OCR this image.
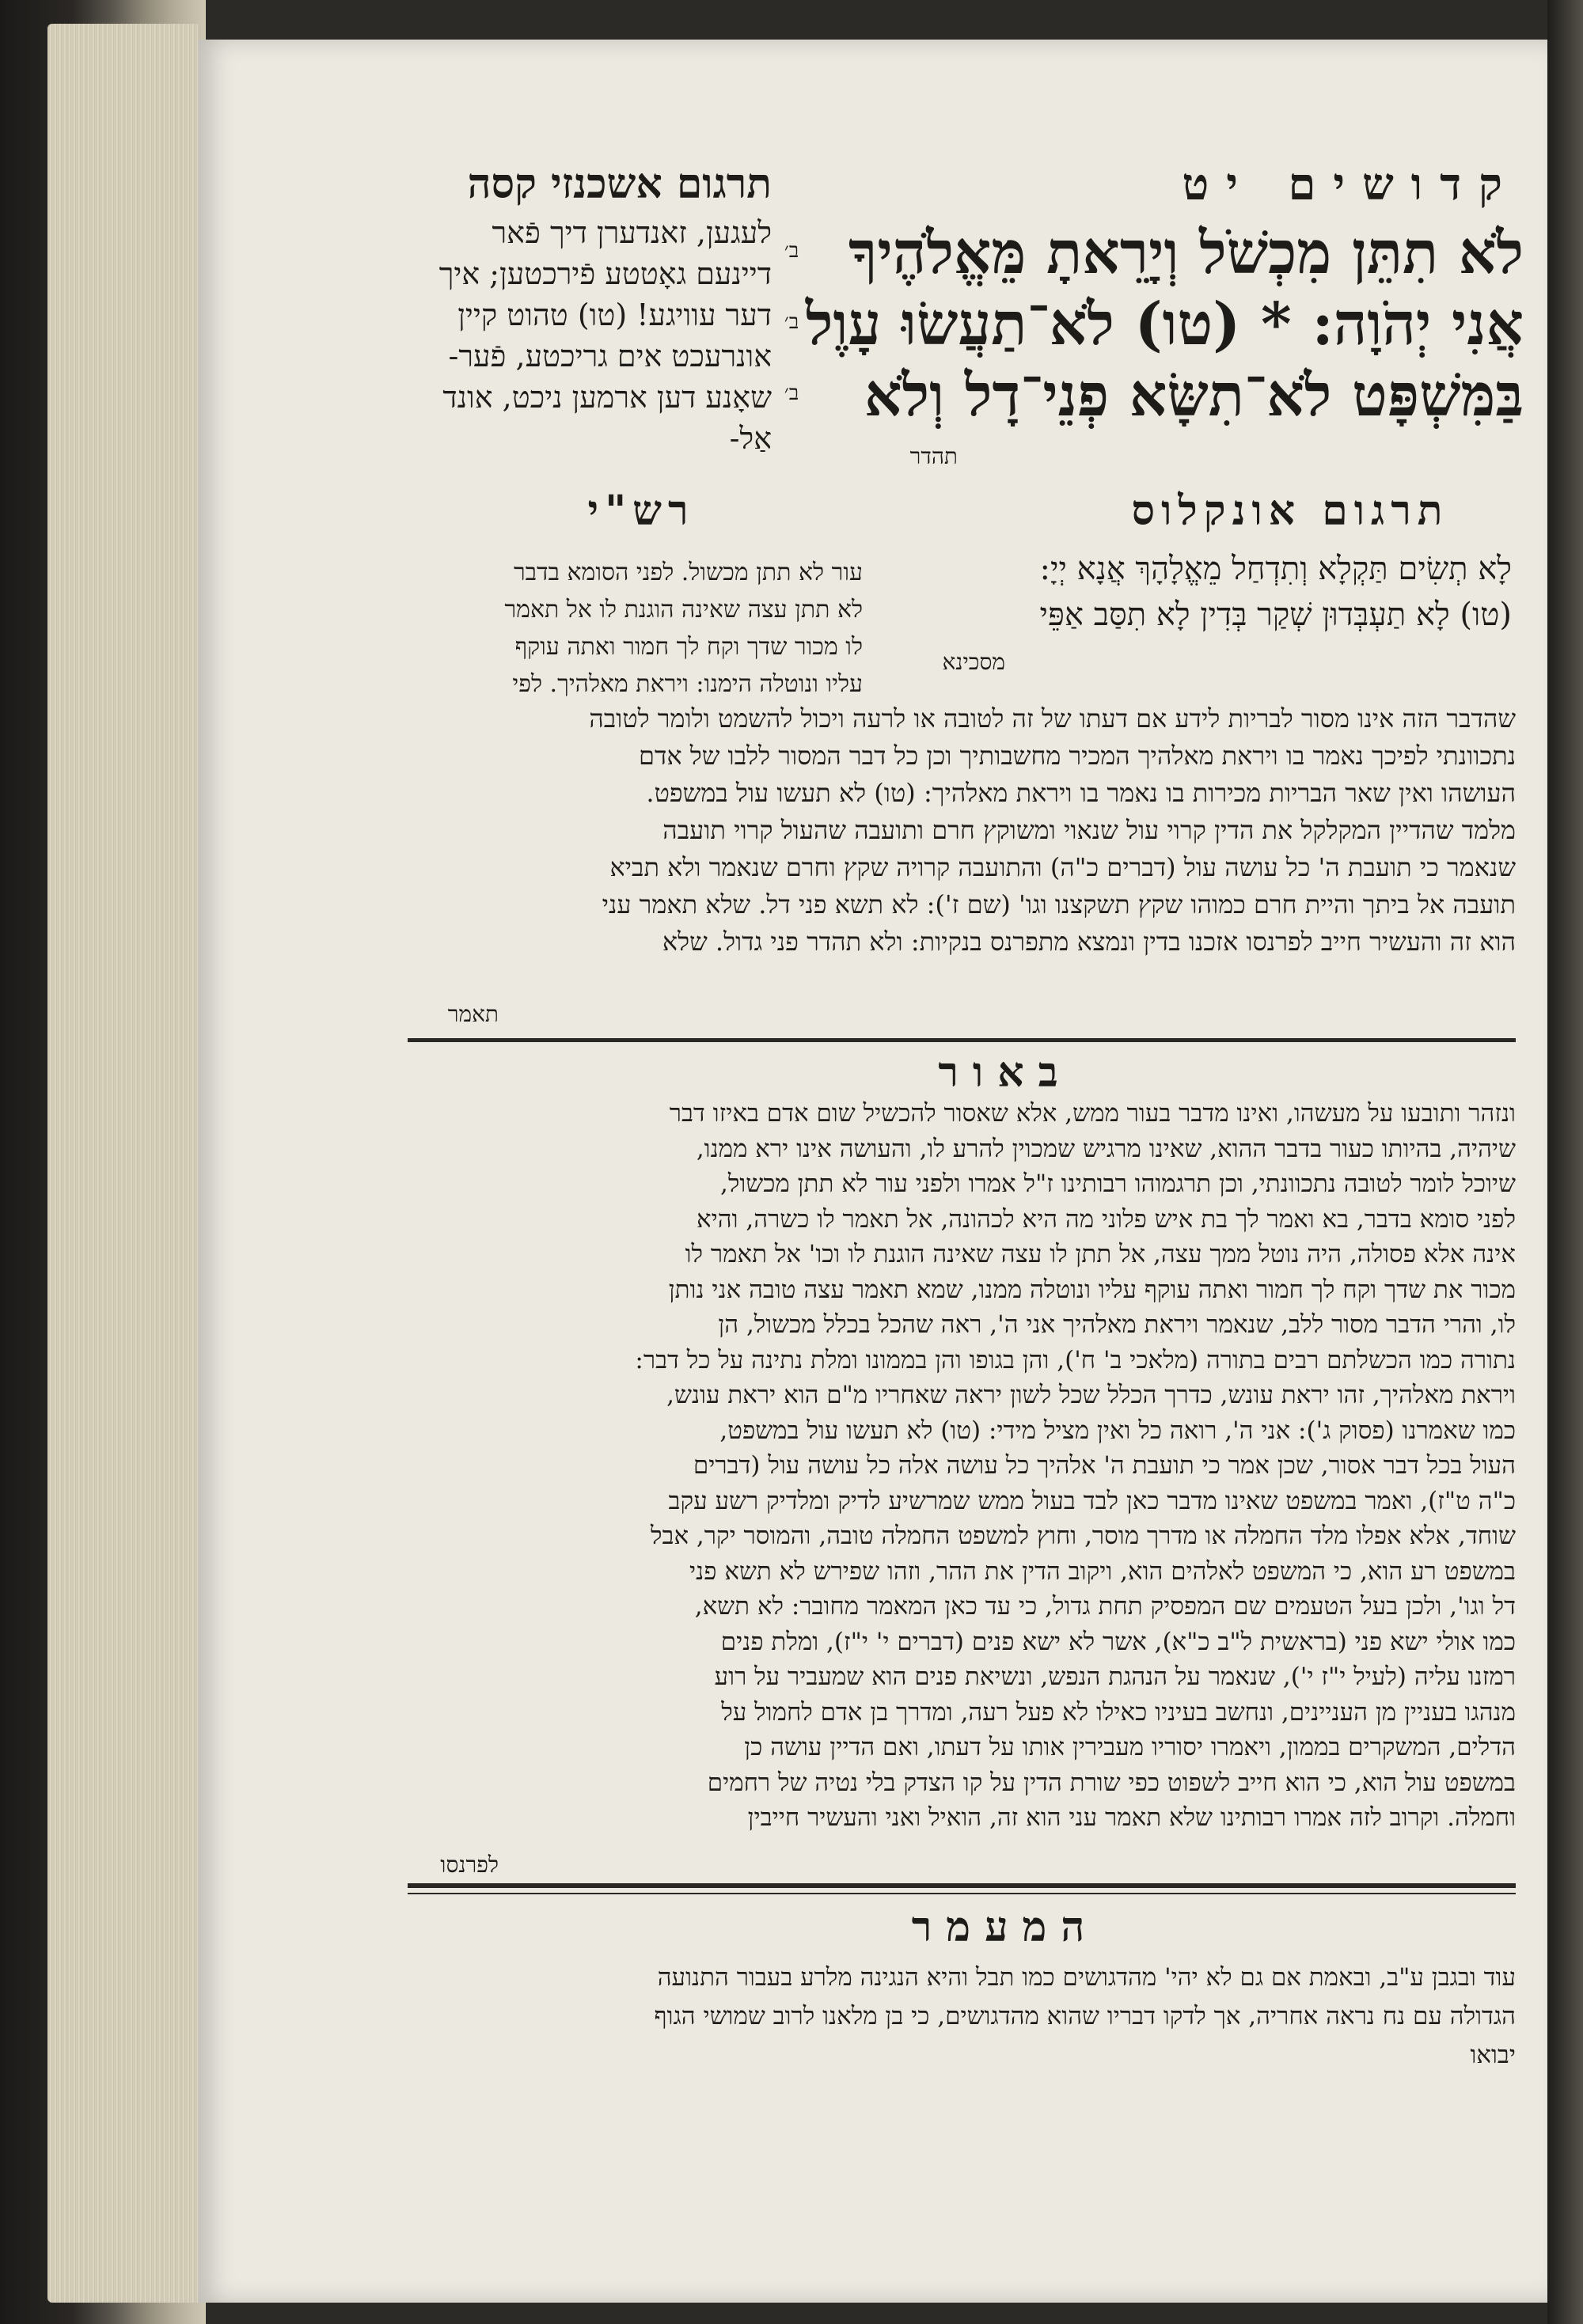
קדושים יט
תרגום אשכנזי קסה
לֹא תִתֵּן מִכְשֹׁל וְיָרֵאתָ מֵּאֱלֹהֶיךָ
אֲנִי יְהֹוָה: * (טו) לֹא־תַעֲשׂוּ עָוֶל
בַּמִּשְׁפָּט לֹא־תִשָּׂא פְנֵי־דָל וְלֹא
ב׳
ב׳
ב׳
תהדר
לעגען, זאנדערן דיך פֿאר
דיינעם גאָטטע פֿירכטען; איך
דער עוויגע! (טו) טהוט קיין
אונרעכט אים גריכטע, פֿער-
שאָנע דען ארמען ניכט, אונד
אַל-
תרגום אונקלוס
רש"י
לָא תְשִׂים תַּקְלָא וְתִדְחַל מֵאֱלָהָךְ אֲנָא יְיָ:
(טו) לָא תַעְבְּדוּן שְׁקַר בְּדִין לָא תִסַּב אַפֵּי
מסכינא
עור לא תתן מכשול. לפני הסומא בדבר
לא תתן עצה שאינה הוגנת לו אל תאמר
לו מכור שדך וקח לך חמור ואתה עוקף
עליו ונוטלה הימנו: ויראת מאלהיך. לפי
שהדבר הזה אינו מסור לבריות לידע אם דעתו של זה לטובה או לרעה ויכול להשמט ולומר לטובה
נתכוונתי לפיכך נאמר בו ויראת מאלהיך המכיר מחשבותיך וכן כל דבר המסור ללבו של אדם
העושהו ואין שאר הבריות מכירות בו נאמר בו ויראת מאלהיך: (טו) לא תעשו עול במשפט.
מלמד שהדיין המקלקל את הדין קרוי עול שנאוי ומשוקץ חרם ותועבה שהעול קרוי תועבה
שנאמר כי תועבת ה' כל עושה עול (דברים כ"ה) והתועבה קרויה שקץ וחרם שנאמר ולא תביא
תועבה אל ביתך והיית חרם כמוהו שקץ תשקצנו וגו' (שם ז'): לא תשא פני דל. שלא תאמר עני
הוא זה והעשיר חייב לפרנסו אזכנו בדין ונמצא מתפרנס בנקיות: ולא תהדר פני גדול. שלא
תאמר
באור
ונזהר ותובעו על מעשהו, ואינו מדבר בעור ממש, אלא שאסור להכשיל שום אדם באיזו דבר
שיהיה, בהיותו כעור בדבר ההוא, שאינו מרגיש שמכוין להרע לו, והעושה אינו ירא ממנו,
שיוכל לומר לטובה נתכוונתי, וכן תרגמוהו רבותינו ז"ל אמרו ולפני עור לא תתן מכשול,
לפני סומא בדבר, בא ואמר לך בת איש פלוני מה היא לכהונה, אל תאמר לו כשרה, והיא
אינה אלא פסולה, היה נוטל ממך עצה, אל תתן לו עצה שאינה הוגנת לו וכו' אל תאמר לו
מכור את שדך וקח לך חמור ואתה עוקף עליו ונוטלה ממנו, שמא תאמר עצה טובה אני נותן
לו, והרי הדבר מסור ללב, שנאמר ויראת מאלהיך אני ה', ראה שהכל בכלל מכשול, הן
נתורה כמו הכשלתם רבים בתורה (מלאכי ב' ח'), והן בגופו והן בממונו ומלת נתינה על כל דבר:
ויראת מאלהיך, זהו יראת עונש, כדרך הכלל שכל לשון יראה שאחריו מ"ם הוא יראת עונש,
כמו שאמרנו (פסוק ג'): אני ה', רואה כל ואין מציל מידי: (טו) לא תעשו עול במשפט,
העול בכל דבר אסור, שכן אמר כי תועבת ה' אלהיך כל עושה אלה כל עושה עול (דברים
כ"ה ט"ז), ואמר במשפט שאינו מדבר כאן לבד בעול ממש שמרשיע לדיק ומלדיק רשע עקב
שוחד, אלא אפלו מלד החמלה או מדרך מוסר, וחוץ למשפט החמלה טובה, והמוסר יקר, אבל
במשפט רע הוא, כי המשפט לאלהים הוא, ויקוב הדין את ההר, וזהו שפירש לא תשא פני
דל וגו', ולכן בעל הטעמים שם המפסיק תחת גדול, כי עד כאן המאמר מחובר: לא תשא,
כמו אולי ישא פני (בראשית ל"ב כ"א), אשר לא ישא פנים (דברים י' י"ז), ומלת פנים
רמזנו עליה (לעיל י"ז י'), שנאמר על הנהגת הנפש, ונשיאת פנים הוא שמעביר על רוע
מנהגו בעניין מן העניינים, ונחשב בעיניו כאילו לא פעל רעה, ומדרך בן אדם לחמול על
הדלים, המשקרים בממון, ויאמרו יסוריו מעבירין אותו על דעתו, ואם הדיין עושה כן
במשפט עול הוא, כי הוא חייב לשפוט כפי שורת הדין על קו הצדק בלי נטיה של רחמים
וחמלה. וקרוב לזה אמרו רבותינו שלא תאמר עני הוא זה, הואיל ואני והעשיר חייבין
לפרנסו
המעמר
עוד ובגבן ע"ב, ובאמת אם גם לא יהי' מהדגושים כמו תבל והיא הנגינה מלרע בעבור התנועה
הגדולה עם נח נראה אחריה, אך לדקו דבריו שהוא מהדגושים, כי בן מלאנו לרוב שמושי הגוף
יבואו
